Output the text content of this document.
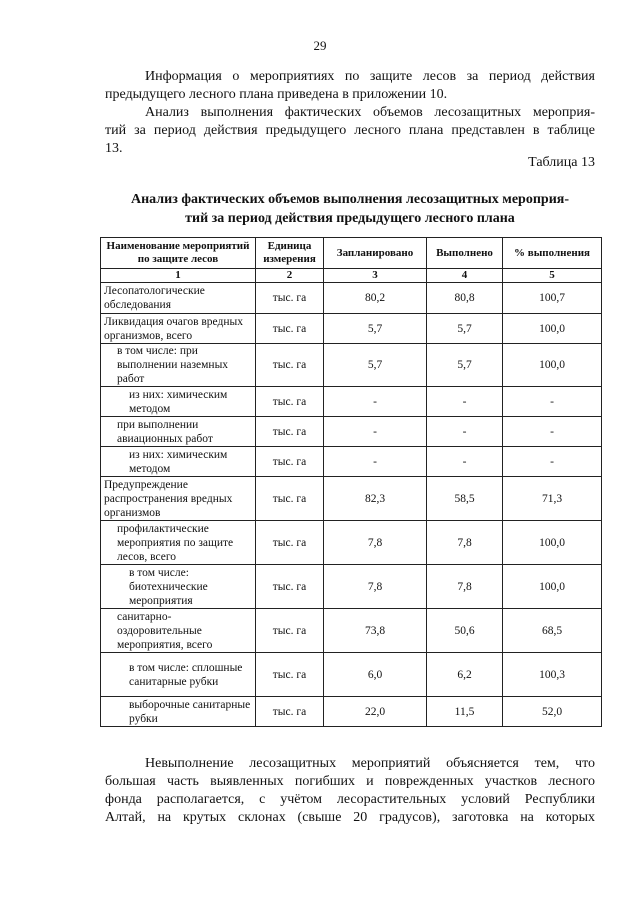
29
Информация о мероприятиях по защите лесов за период действия
предыдущего лесного плана приведена в приложении 10.
Анализ выполнения фактических объемов лесозащитных мероприя-
тий за период действия предыдущего лесного плана представлен в таблице
13.
Таблица 13
Анализ фактических объемов выполнения лесозащитных мероприя-
тий за период действия предыдущего лесного плана
Наименование мероприятий по защите лесов	Единица измерения	Запланировано	Выполнено	% выполнения
1	2	3	4	5
Лесопатологические обследования	тыс. га	80,2	80,8	100,7
Ликвидация очагов вредных организмов, всего	тыс. га	5,7	5,7	100,0
в том числе: при выполнении наземных работ	тыс. га	5,7	5,7	100,0
из них: химическим методом	тыс. га	-	-	-
при выполнении авиационных работ	тыс. га	-	-	-
из них: химическим методом	тыс. га	-	-	-
Предупреждение распространения вредных организмов	тыс. га	82,3	58,5	71,3
профилактические мероприятия по защите лесов, всего	тыс. га	7,8	7,8	100,0
в том числе: биотехнические мероприятия	тыс. га	7,8	7,8	100,0
санитарно-оздоровительные мероприятия, всего	тыс. га	73,8	50,6	68,5
в том числе: сплошные санитарные рубки	тыс. га	6,0	6,2	100,3
выборочные санитарные рубки	тыс. га	22,0	11,5	52,0
Невыполнение лесозащитных мероприятий объясняется тем, что
большая часть выявленных погибших и поврежденных участков лесного
фонда располагается, с учётом лесорастительных условий Республики
Алтай, на крутых склонах (свыше 20 градусов), заготовка на которых
